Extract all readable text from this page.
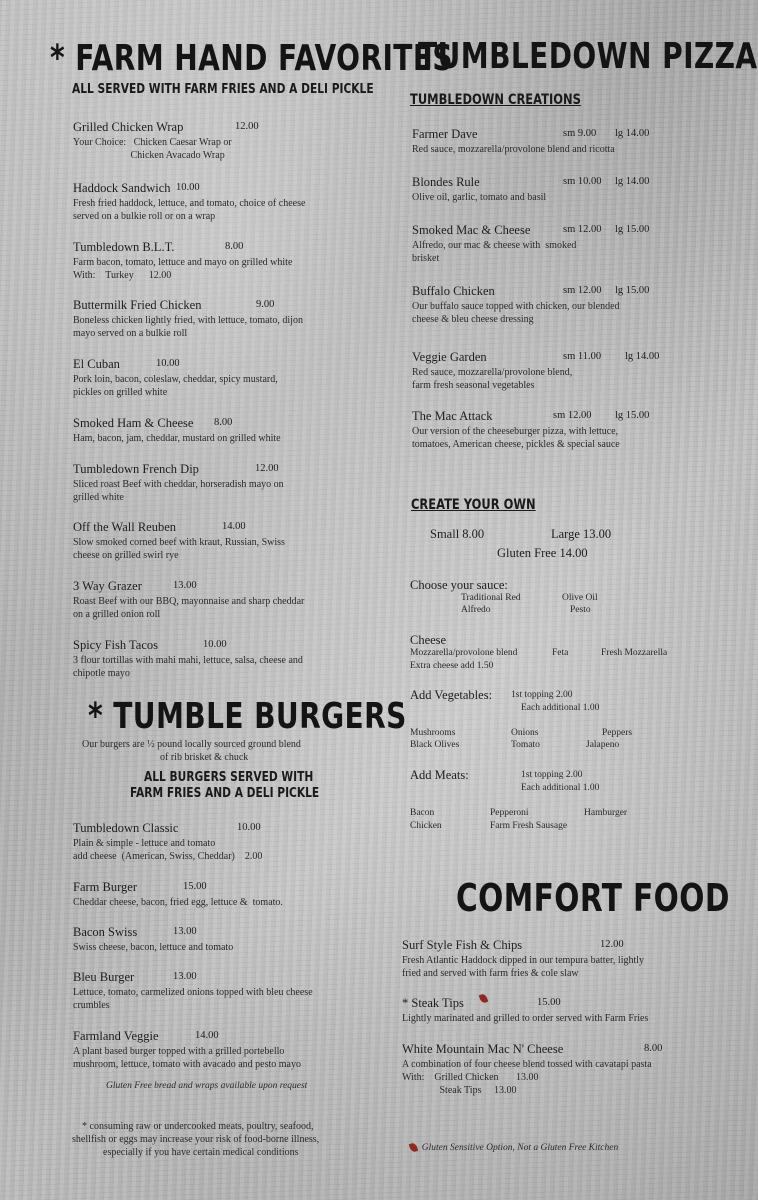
* FARM HAND FAVORITES
ALL SERVED WITH FARM FRIES AND A DELI PICKLE
Grilled Chicken Wrap	12.00
Your Choice:   Chicken Caesar Wrap or
Chicken Avacado Wrap
Haddock Sandwich 10.00
Fresh fried haddock, lettuce, and tomato, choice of cheese
served on a bulkie roll or on a wrap
Tumbledown B.L.T.	8.00
Farm bacon, tomato, lettuce and mayo on grilled white
With:    Turkey      12.00
Buttermilk Fried Chicken	9.00
Boneless chicken lightly fried, with lettuce, tomato, dijon
mayo served on a bulkie roll
El Cuban	10.00
Pork loin, bacon, coleslaw, cheddar, spicy mustard,
pickles on grilled white
Smoked Ham & Cheese 8.00
Ham, bacon, jam, cheddar, mustard on grilled white
Tumbledown French Dip	12.00
Sliced roast Beef with cheddar, horseradish mayo on
grilled white
Off the Wall Reuben	14.00
Slow smoked corned beef with kraut, Russian, Swiss
cheese on grilled swirl rye
3 Way Grazer	13.00
Roast Beef with our BBQ, mayonnaise and sharp cheddar
on a grilled onion roll
Spicy Fish Tacos	10.00
3 flour tortillas with mahi mahi, lettuce, salsa, cheese and
chipotle mayo
* TUMBLE BURGERS
Our burgers are ½ pound locally sourced ground blend
of rib brisket & chuck
ALL BURGERS SERVED WITH
FARM FRIES AND A DELI PICKLE
Tumbledown Classic	10.00
Plain & simple - lettuce and tomato
add cheese  (American, Swiss, Cheddar)    2.00
Farm Burger	15.00
Cheddar cheese, bacon, fried egg, lettuce &  tomato.
Bacon Swiss	13.00
Swiss cheese, bacon, lettuce and tomato
Bleu Burger	13.00
Lettuce, tomato, carmelized onions topped with bleu cheese
crumbles
Farmland Veggie	14.00
A plant based burger topped with a grilled portebello
mushroom, lettuce, tomato with avacado and pesto mayo
Gluten Free bread and wraps available upon request
* consuming raw or undercooked meats, poultry, seafood,
shellfish or eggs may increase your risk of food-borne illness,
especially if you have certain medical conditions
TUMBLEDOWN PIZZA
TUMBLEDOWN CREATIONS
Farmer Dave	sm 9.00 lg 14.00
Red sauce, mozzarella/provolone blend and ricotta
Blondes Rule	sm 10.00 lg 14.00
Olive oil, garlic, tomato and basil
Smoked Mac & Cheese	sm 12.00 lg 15.00
Alfredo, our mac & cheese with  smoked
brisket
Buffalo Chicken	sm 12.00 lg 15.00
Our buffalo sauce topped with chicken, our blended
cheese & bleu cheese dressing
Veggie Garden	sm 11.00 lg 14.00
Red sauce, mozzarella/provolone blend,
farm fresh seasonal vegetables
The Mac Attack	sm 12.00 lg 15.00
Our version of the cheeseburger pizza, with lettuce,
tomatoes, American cheese, pickles & special sauce
CREATE YOUR OWN
Small 8.00	Large 13.00
Gluten Free 14.00
Choose your sauce:
Traditional Red	Olive Oil
Alfredo	Pesto
Cheese
Mozzarella/provolone blend	Feta	Fresh Mozzarella
Extra cheese add 1.50
Add Vegetables: 1st topping 2.00
Each additional 1.00
Mushrooms	Onions	Peppers
Black Olives	Tomato	Jalapeno
Add Meats:	1st topping 2.00
Each additional 1.00
Bacon	Pepperoni	Hamburger
Chicken	Farm Fresh Sausage
COMFORT FOOD
Surf Style Fish & Chips	12.00
Fresh Atlantic Haddock dipped in our tempura batter, lightly
fried and served with farm fries & cole slaw
* Steak Tips	15.00
Lightly marinated and grilled to order served with Farm Fries
White Mountain Mac N' Cheese	8.00
A combination of four cheese blend tossed with cavatapi pasta
With:    Grilled Chicken       13.00
Steak Tips     13.00
Gluten Sensitive Option, Not a Gluten Free Kitchen
